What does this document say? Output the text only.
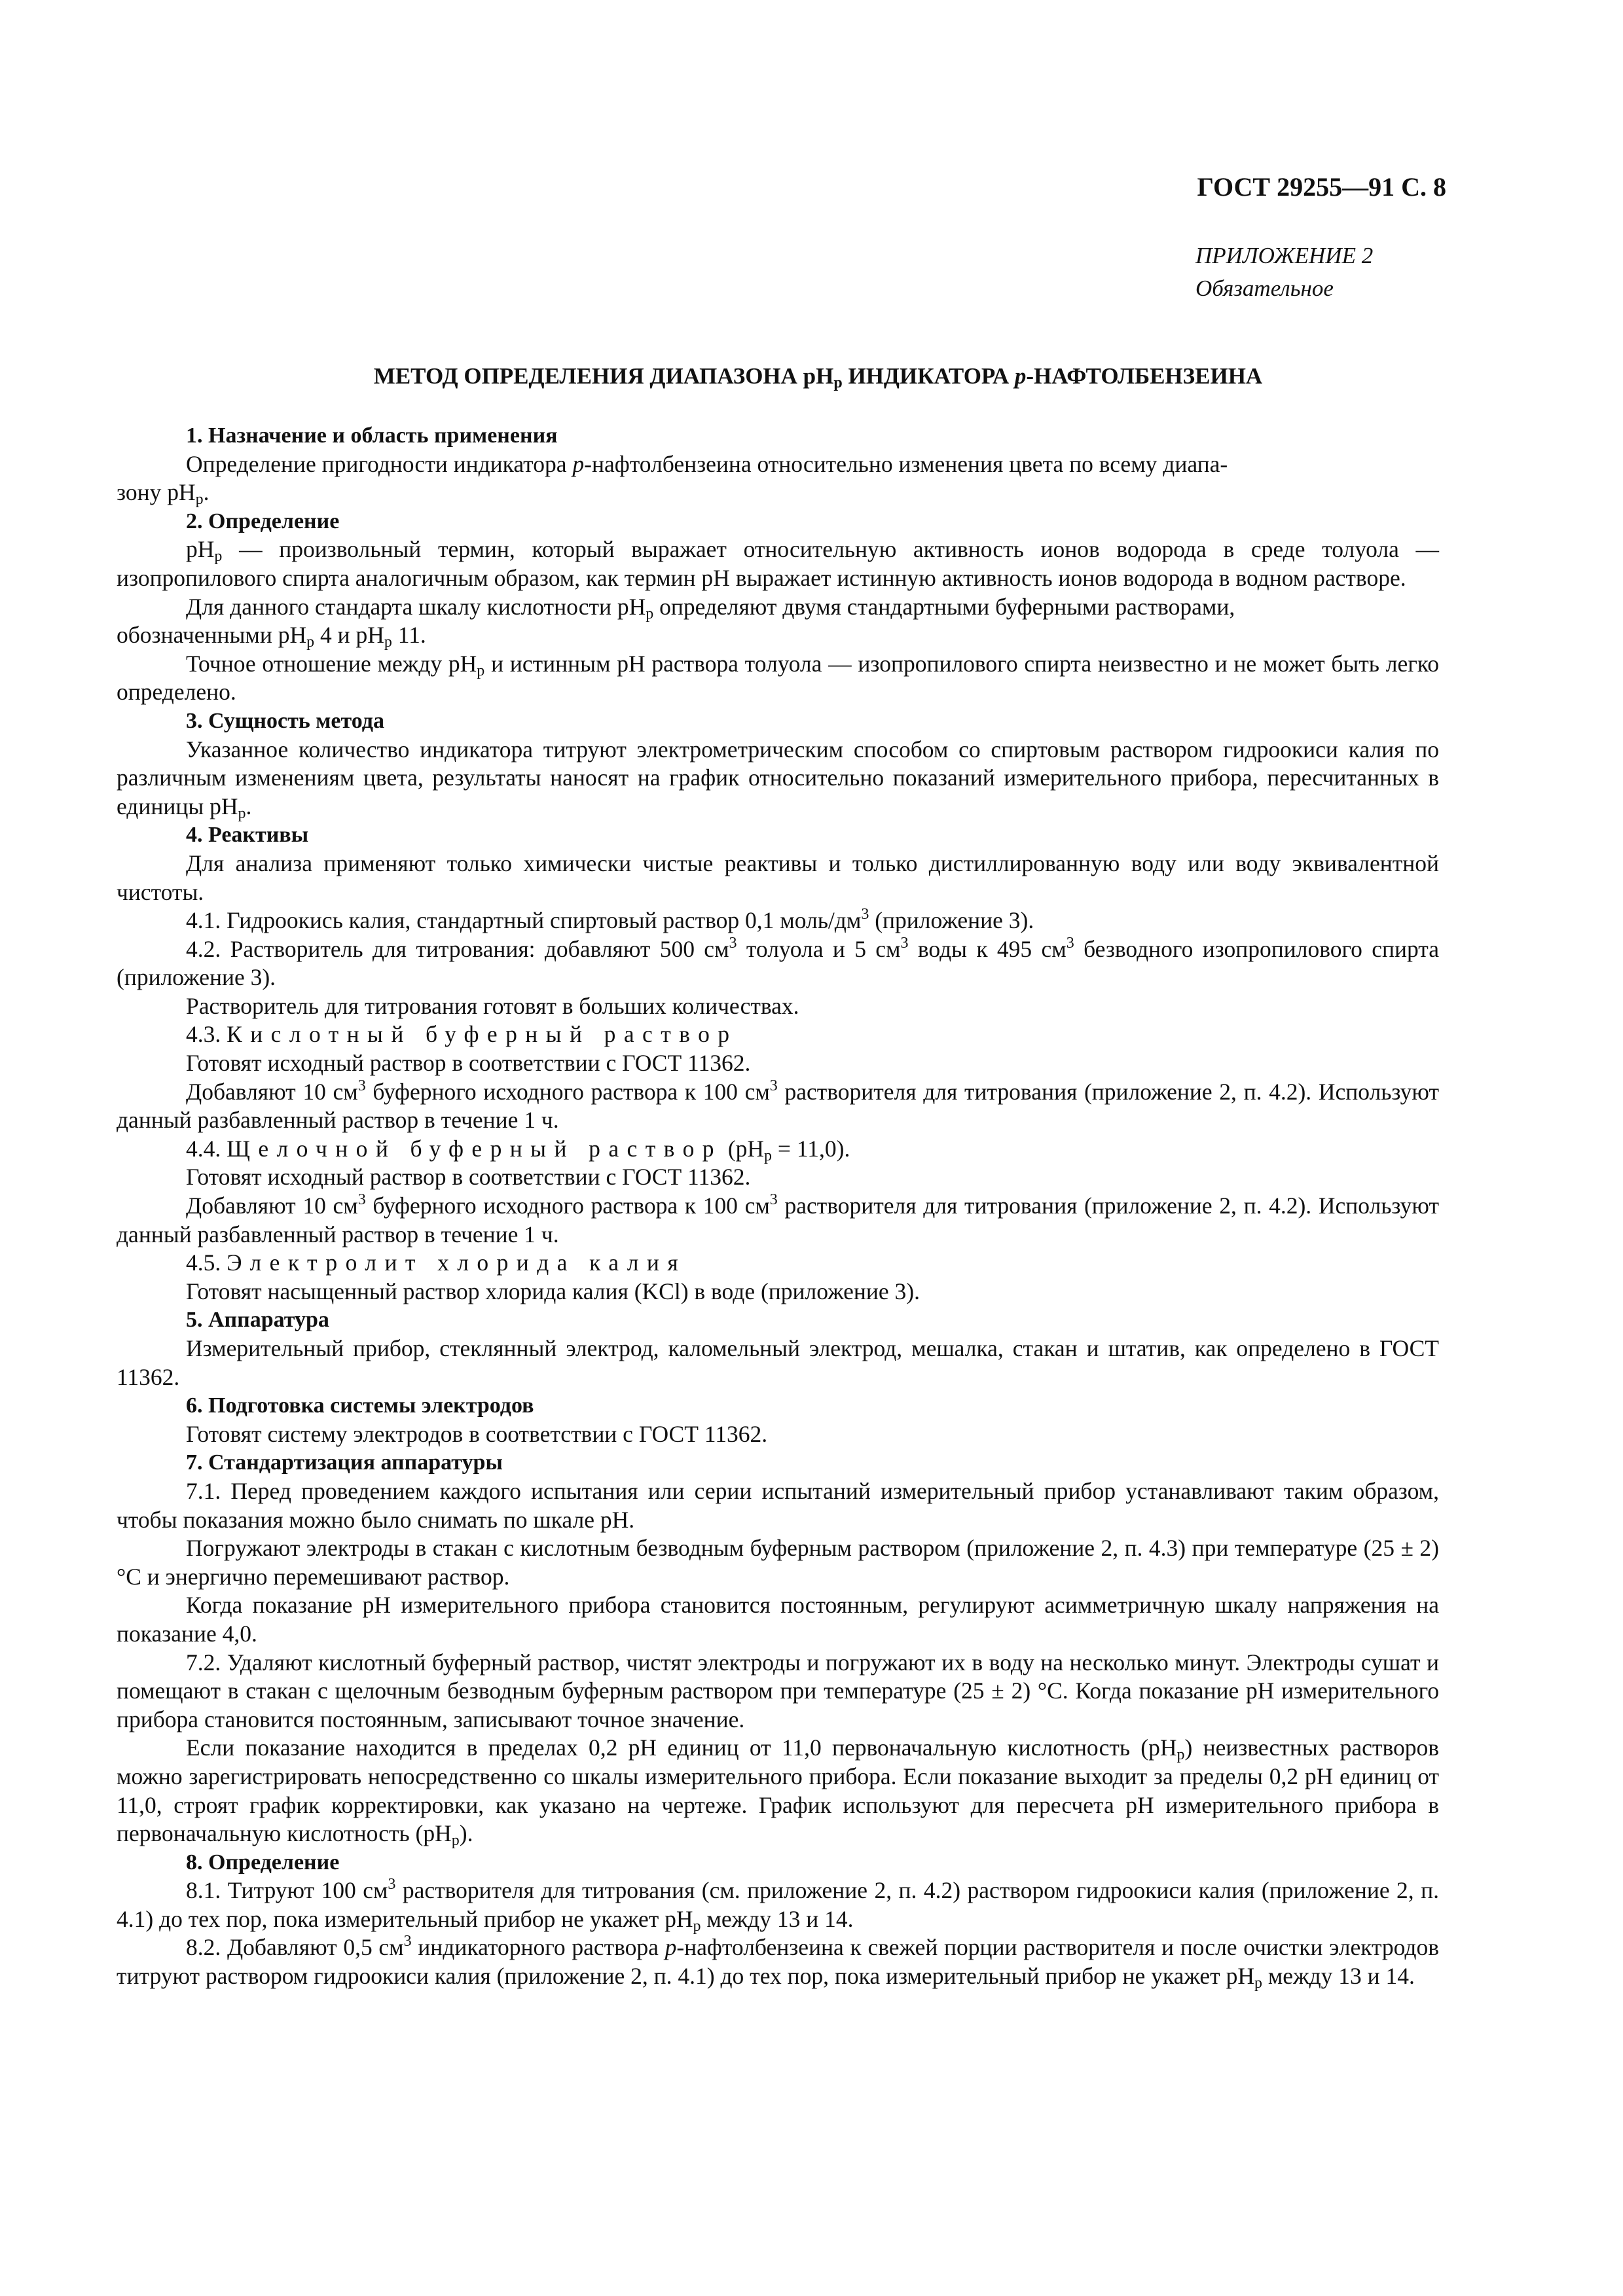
ГОСТ 29255—91 С. 8
ПРИЛОЖЕНИЕ 2
Обязательное
МЕТОД ОПРЕДЕЛЕНИЯ ДИАПАЗОНА $pH_p$ ИНДИКАТОРА p-НАФТОЛБЕНЗЕИНА

1. Назначение и область применения

Определение пригодности индикатора p-нафтолбензеина относительно изменения цвета по всему диапа-
зону $pH_p$.

2. Определение

$pH_p$ — произвольный термин, который выражает относительную активность ионов водорода в среде толуола — изопропилового спирта аналогичным образом, как термин pH выражает истинную активность ионов водорода в водном растворе.

Для данного стандарта шкалу кислотности $pH_p$ определяют двумя стандартными буферными растворами,
обозначенными $pH_p$ 4 и $pH_p$ 11.

Точное отношение между $pH_p$ и истинным pH раствора толуола — изопропилового спирта неизвестно и не может быть легко определено.

3. Сущность метода

Указанное количество индикатора титруют электрометрическим способом со спиртовым раствором гидроокиси калия по различным изменениям цвета, результаты наносят на график относительно показаний измерительного прибора, пересчитанных в единицы $pH_p$.

4. Реактивы

Для анализа применяют только химически чистые реактивы и только дистиллированную воду или воду эквивалентной чистоты.

4.1. Гидроокись калия, стандартный спиртовый раствор 0,1 моль/$дм^3$ (приложение 3).

4.2. Растворитель для титрования: добавляют 500 $см^3$ толуола и 5 $см^3$ воды к 495 $см^3$ безводного изопропилового спирта (приложение 3).

Растворитель для титрования готовят в больших количествах.

4.3. Кислотный буферный раствор

Готовят исходный раствор в соответствии с ГОСТ 11362.

Добавляют 10 $см^3$ буферного исходного раствора к 100 $см^3$ растворителя для титрования (приложение 2, п. 4.2). Используют данный разбавленный раствор в течение 1 ч.

4.4. Щелочной буферный раствор $(pH_p = 11,0)$.

Готовят исходный раствор в соответствии с ГОСТ 11362.

Добавляют 10 $см^3$ буферного исходного раствора к 100 $см^3$ растворителя для титрования (приложение 2, п. 4.2). Используют данный разбавленный раствор в течение 1 ч.

4.5. Электролит хлорида калия

Готовят насыщенный раствор хлорида калия (KCl) в воде (приложение 3).

5. Аппаратура

Измерительный прибор, стеклянный электрод, каломельный электрод, мешалка, стакан и штатив, как определено в ГОСТ 11362.

6. Подготовка системы электродов

Готовят систему электродов в соответствии с ГОСТ 11362.

7. Стандартизация аппаратуры

7.1. Перед проведением каждого испытания или серии испытаний измерительный прибор устанавливают таким образом, чтобы показания можно было снимать по шкале pH.

Погружают электроды в стакан с кислотным безводным буферным раствором (приложение 2, п. 4.3) при температуре (25 ± 2) °С и энергично перемешивают раствор.

Когда показание pH измерительного прибора становится постоянным, регулируют асимметричную шкалу напряжения на показание 4,0.

7.2. Удаляют кислотный буферный раствор, чистят электроды и погружают их в воду на несколько минут. Электроды сушат и помещают в стакан с щелочным безводным буферным раствором при температуре (25 ± 2) °С. Когда показание pH измерительного прибора становится постоянным, записывают точное значение.

Если показание находится в пределах 0,2 pH единиц от 11,0 первоначальную кислотность $(pH_p)$ неизвестных растворов можно зарегистрировать непосредственно со шкалы измерительного прибора. Если показание выходит за пределы 0,2 pH единиц от 11,0, строят график корректировки, как указано на чертеже. График используют для пересчета pH измерительного прибора в первоначальную кислотность $(pH_p)$.

8. Определение

8.1. Титруют 100 $см^3$ растворителя для титрования (см. приложение 2, п. 4.2) раствором гидроокиси калия (приложение 2, п. 4.1) до тех пор, пока измерительный прибор не укажет $pH_p$ между 13 и 14.

8.2. Добавляют 0,5 $см^3$ индикаторного раствора p-нафтолбензеина к свежей порции растворителя и после очистки электродов титруют раствором гидроокиси калия (приложение 2, п. 4.1) до тех пор, пока измерительный прибор не укажет $pH_p$ между 13 и 14.
